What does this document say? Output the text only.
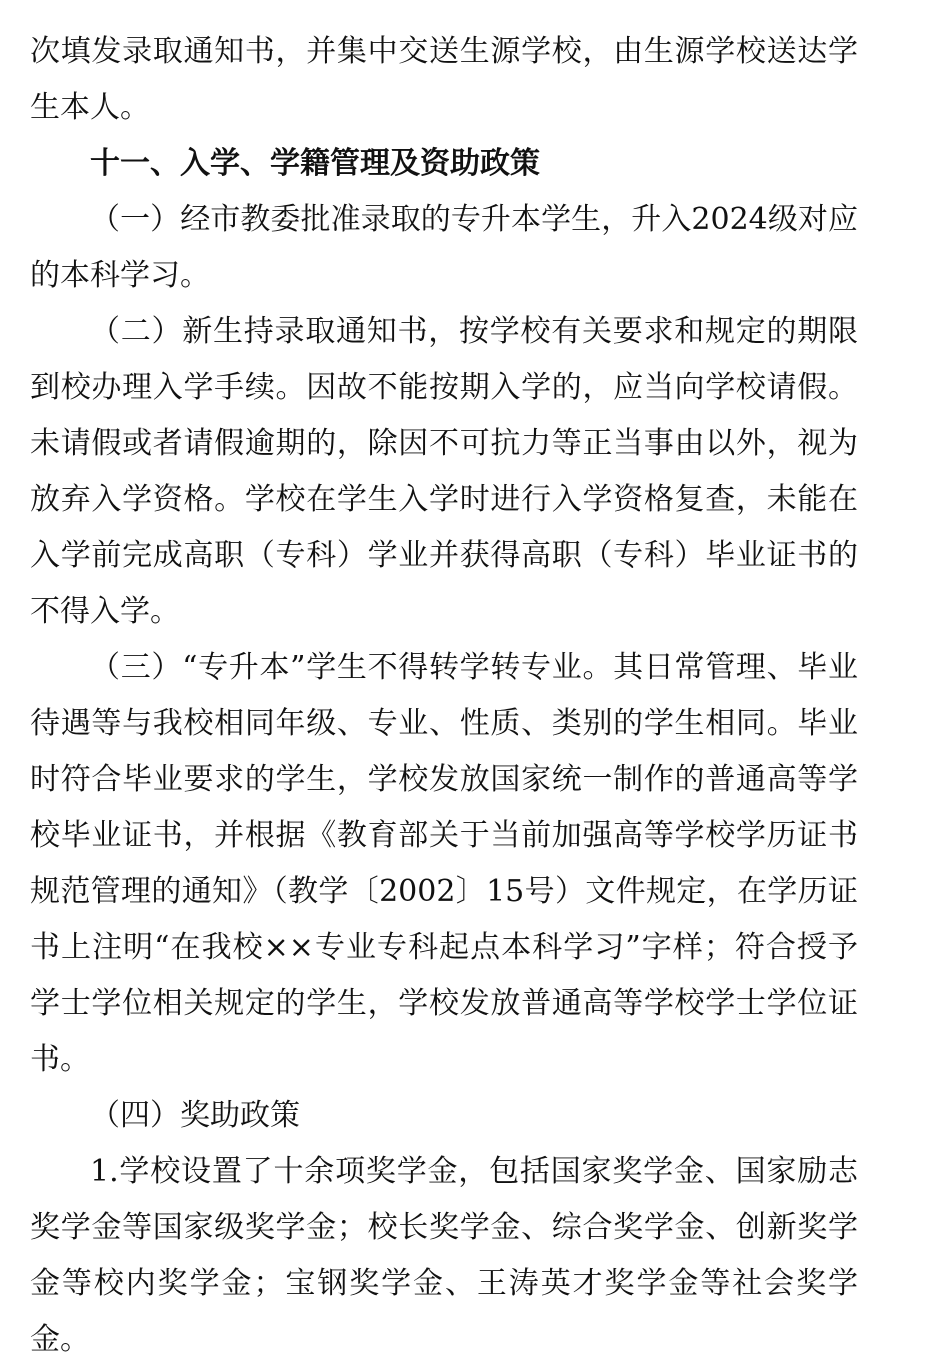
次填发录取通知书，并集中交送生源学校，由生源学校送达学生本人。

十一、入学、学籍管理及资助政策

（一）经市教委批准录取的专升本学生，升入2024级对应的本科学习。

（二）新生持录取通知书，按学校有关要求和规定的期限到校办理入学手续。因故不能按期入学的，应当向学校请假。未请假或者请假逾期的，除因不可抗力等正当事由以外，视为放弃入学资格。学校在学生入学时进行入学资格复查，未能在入学前完成高职（专科）学业并获得高职（专科）毕业证书的不得入学。

（三）“专升本”学生不得转学转专业。其日常管理、毕业待遇等与我校相同年级、专业、性质、类别的学生相同。毕业时符合毕业要求的学生，学校发放国家统一制作的普通高等学校毕业证书，并根据《教育部关于当前加强高等学校学历证书规范管理的通知》（教学〔2002〕15号）文件规定，在学历证书上注明“在我校××专业专科起点本科学习”字样；符合授予学士学位相关规定的学生，学校发放普通高等学校学士学位证书。

（四）奖助政策

1.学校设置了十余项奖学金，包括国家奖学金、国家励志奖学金等国家级奖学金；校长奖学金、综合奖学金、创新奖学金等校内奖学金；宝钢奖学金、王涛英才奖学金等社会奖学金。
